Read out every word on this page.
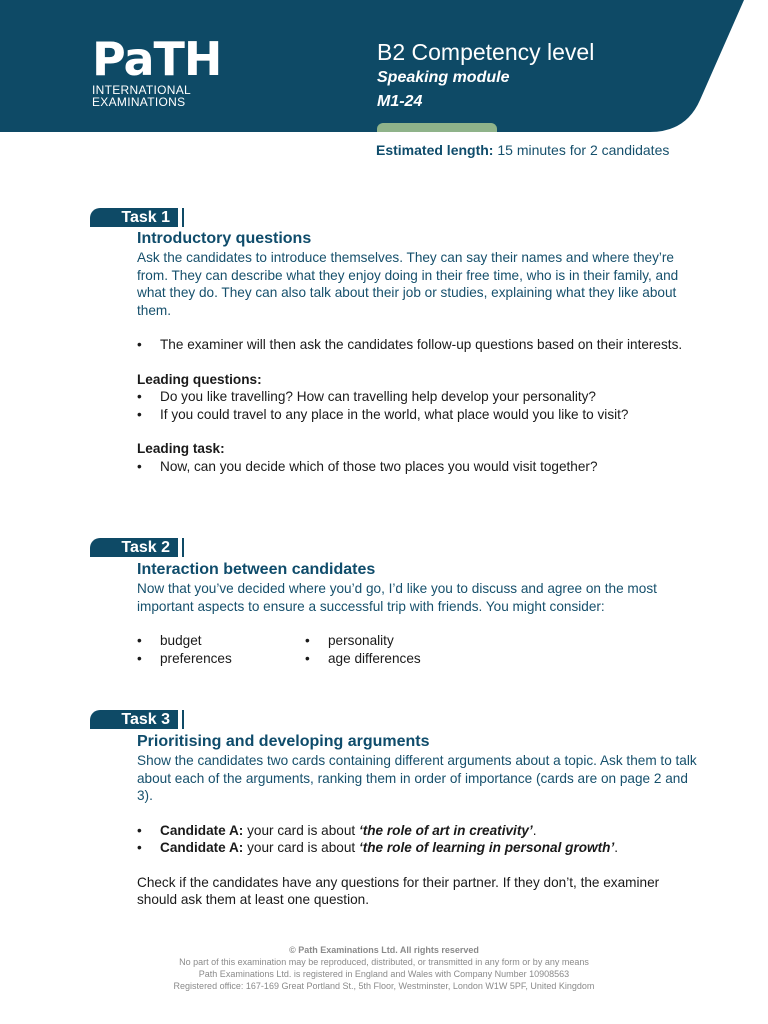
PaTH
INTERNATIONAL
EXAMINATIONS
B2 Competency level
Speaking module
M1-24
Estimated length: 15 minutes for 2 candidates
Task 1
Introductory questions
Ask the candidates to introduce themselves. They can say their names and where they’re from. They can describe what they enjoy doing in their free time, who is in their family, and what they do. They can also talk about their job or studies, explaining what they like about them.
• The examiner will then ask the candidates follow-up questions based on their interests.
Leading questions:
• Do you like travelling? How can travelling help develop your personality?
• If you could travel to any place in the world, what place would you like to visit?
Leading task:
• Now, can you decide which of those two places you would visit together?
Task 2
Interaction between candidates
Now that you’ve decided where you’d go, I’d like you to discuss and agree on the most important aspects to ensure a successful trip with friends. You might consider:
• budget
• preferences
• personality
• age differences
Task 3
Prioritising and developing arguments
Show the candidates two cards containing different arguments about a topic. Ask them to talk about each of the arguments, ranking them in order of importance (cards are on page 2 and 3).
• Candidate A: your card is about ‘the role of art in creativity’.
• Candidate A: your card is about ‘the role of learning in personal growth’.
Check if the candidates have any questions for their partner. If they don’t, the examiner should ask them at least one question.
© Path Examinations Ltd. All rights reserved
No part of this examination may be reproduced, distributed, or transmitted in any form or by any means
Path Examinations Ltd. is registered in England and Wales with Company Number 10908563
Registered office: 167-169 Great Portland St., 5th Floor, Westminster, London W1W 5PF, United Kingdom
